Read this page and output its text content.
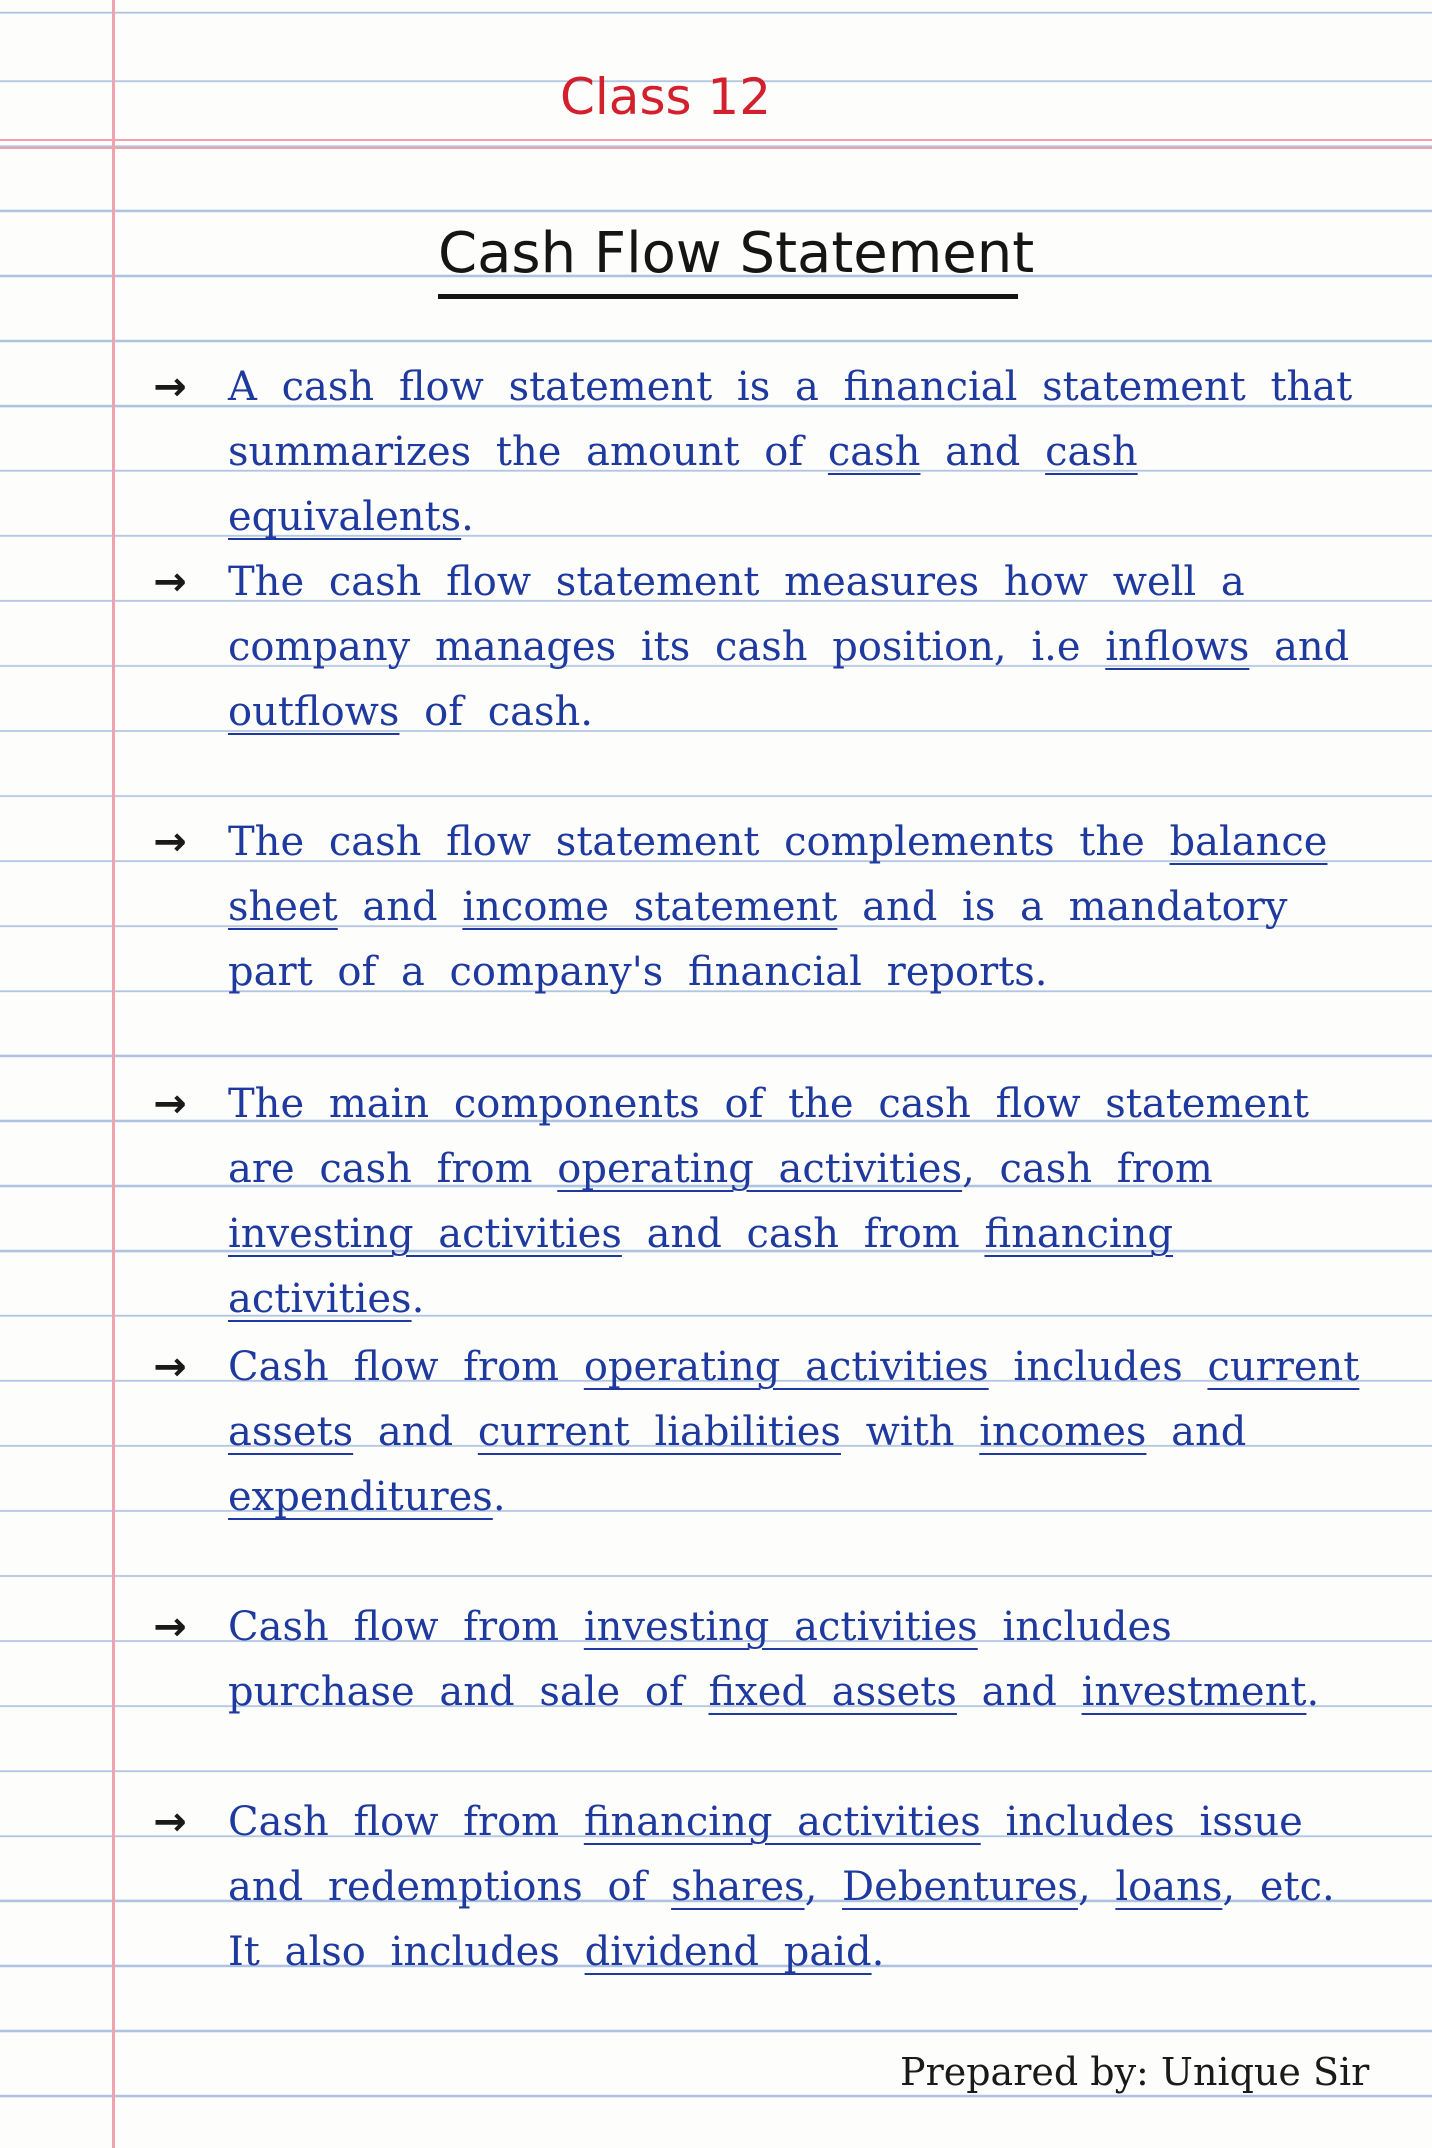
Class 12
Cash Flow Statement
→	A cash flow statement is a financial statement that summarizes the amount of cash and cash equivalents.

→	The cash flow statement measures how well a company manages its cash position, i.e inflows and outflows of cash.

→	The cash flow statement complements the balance sheet and income statement and is a mandatory part of a company's financial reports.

→	The main components of the cash flow statement are cash from operating activities, cash from investing activities and cash from financing activities.

→	Cash flow from operating activities includes current assets and current liabilities with incomes and expenditures.

→	Cash flow from investing activities includes purchase and sale of fixed assets and investment.

→	Cash flow from financing activities includes issue and redemptions of shares, Debentures, loans, etc. It also includes dividend paid.

Prepared by: Unique Sir
